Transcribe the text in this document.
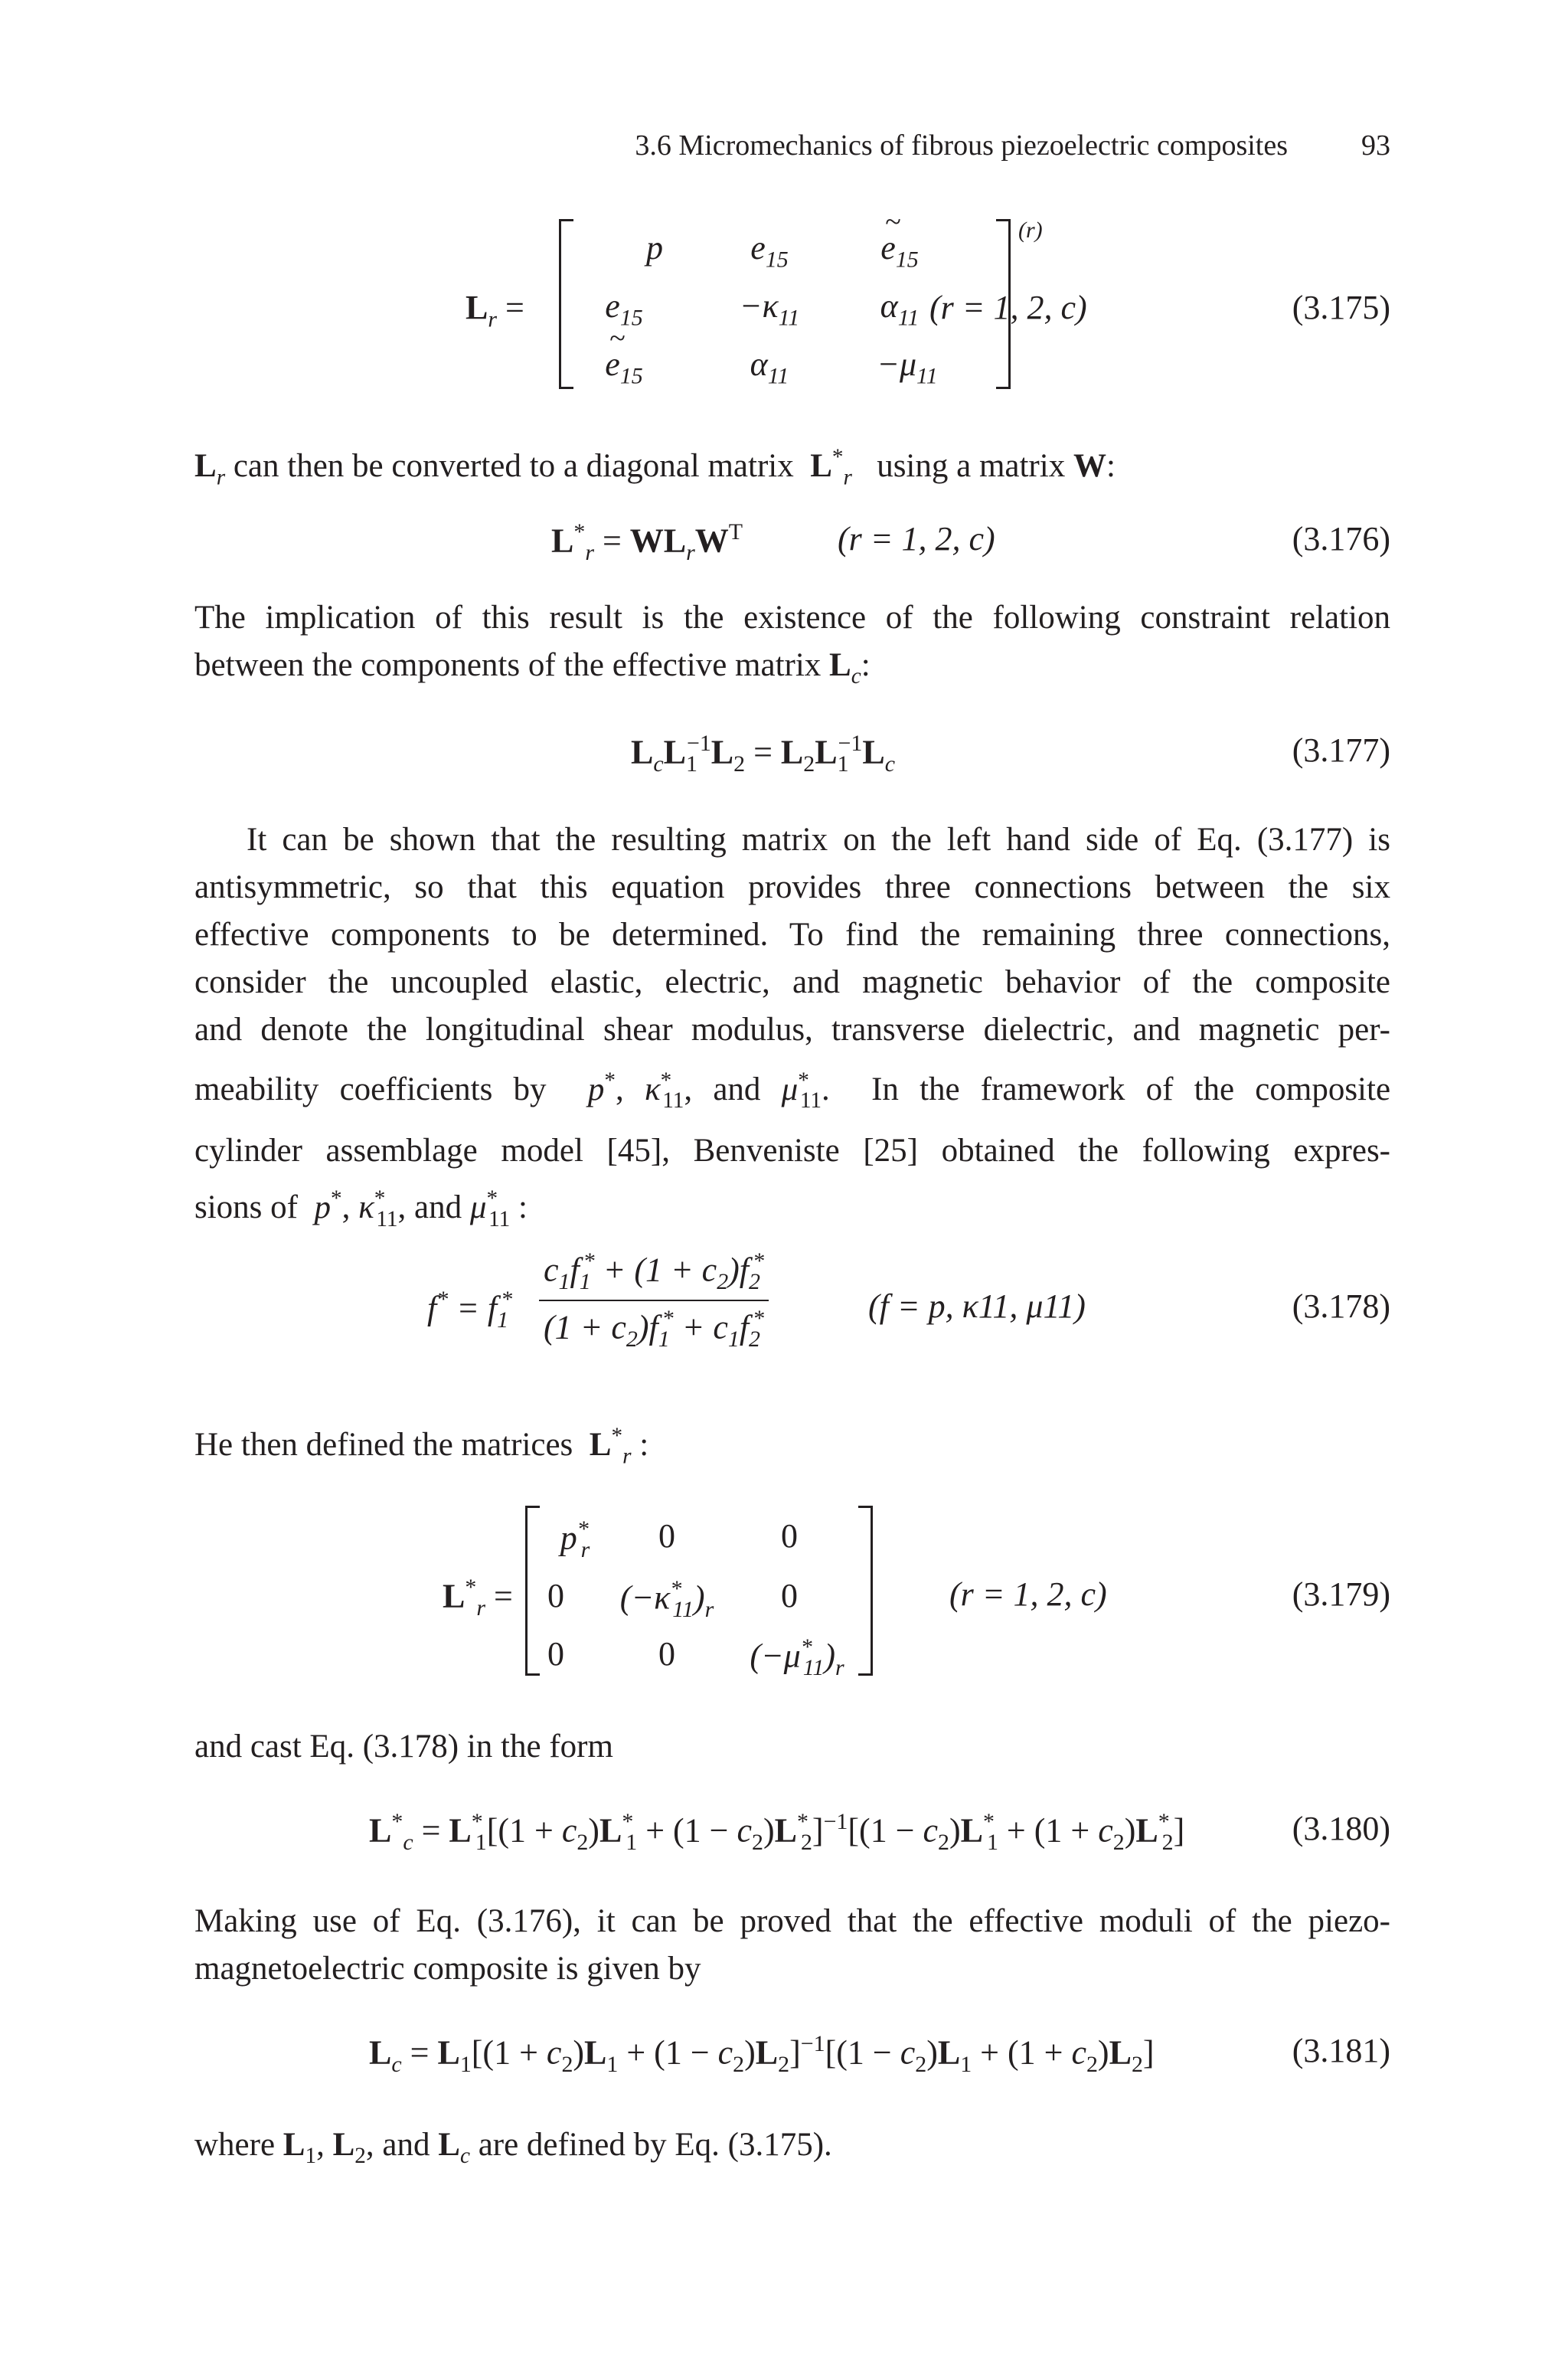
3.6 Micromechanics of fibrous piezoelectric composites	93
$L_r$ =
p	$e_{15}$
~	$e_{15}$
$e_{15}$	$-\kappa_{11}$	$\alpha_{11}$
~ $e_{15}$	$\alpha_{11}$	$-\mu_{11}$
(r)
(r = 1, 2, c)	(3.175)
$L_r$ can then be converted to a diagonal matrix $L^*_r$ using a matrix W:
$L^*_r = WL_rW^T$	(r = 1, 2, c)	(3.176)
The implication of this result is the existence of the following constraint relation
between the components of the effective matrix $L_c$:
$L_cL_1^{-1}L_2 = L_2L_1^{-1}L_c$	(3.177)
It can be shown that the resulting matrix on the left hand side of Eq. (3.177) is
antisymmetric, so that this equation provides three connections between the six
effective components to be determined. To find the remaining three connections,
consider the uncoupled elastic, electric, and magnetic behavior of the composite
and denote the longitudinal shear modulus, transverse dielectric, and magnetic per-
meability coefficients by p*, $\kappa^*_{11}$, and $\mu^*_{11}$.  In the framework of the composite
cylinder assemblage model [45], Benveniste [25] obtained the following expres-
sions of p*, $\kappa^*_{11}$, and $\mu^*_{11}$ :
$f^* = f_1^* \frac{c_1f_1^* + (1 + c_2)f_2^*}{(1 + c_2)f_1^* + c_1f_2^*}$	(f = p, κ11, μ11)	(3.178)
He then defined the matrices $L^*_r$ :
$L^*_r$ =
$p^*_r$	0	0
0	$(-\kappa^*_{11})_r$	0
0	0	$(-\mu^*_{11})_r$
(r = 1, 2, c)	(3.179)
and cast Eq. (3.178) in the form
$L^*_c = L^*_1[(1 + c_2)L^*_1 + (1 - c_2)L^*_2]^{-1}[(1 - c_2)L^*_1 + (1 + c_2)L^*_2]$	(3.180)
Making use of Eq. (3.176), it can be proved that the effective moduli of the piezo-
magnetoelectric composite is given by
$L_c = L_1[(1 + c_2)L_1 + (1 - c_2)L_2]^{-1}[(1 - c_2)L_1 + (1 + c_2)L_2]$	(3.181)
where $L_1$, $L_2$, and $L_c$ are defined by Eq. (3.175).
